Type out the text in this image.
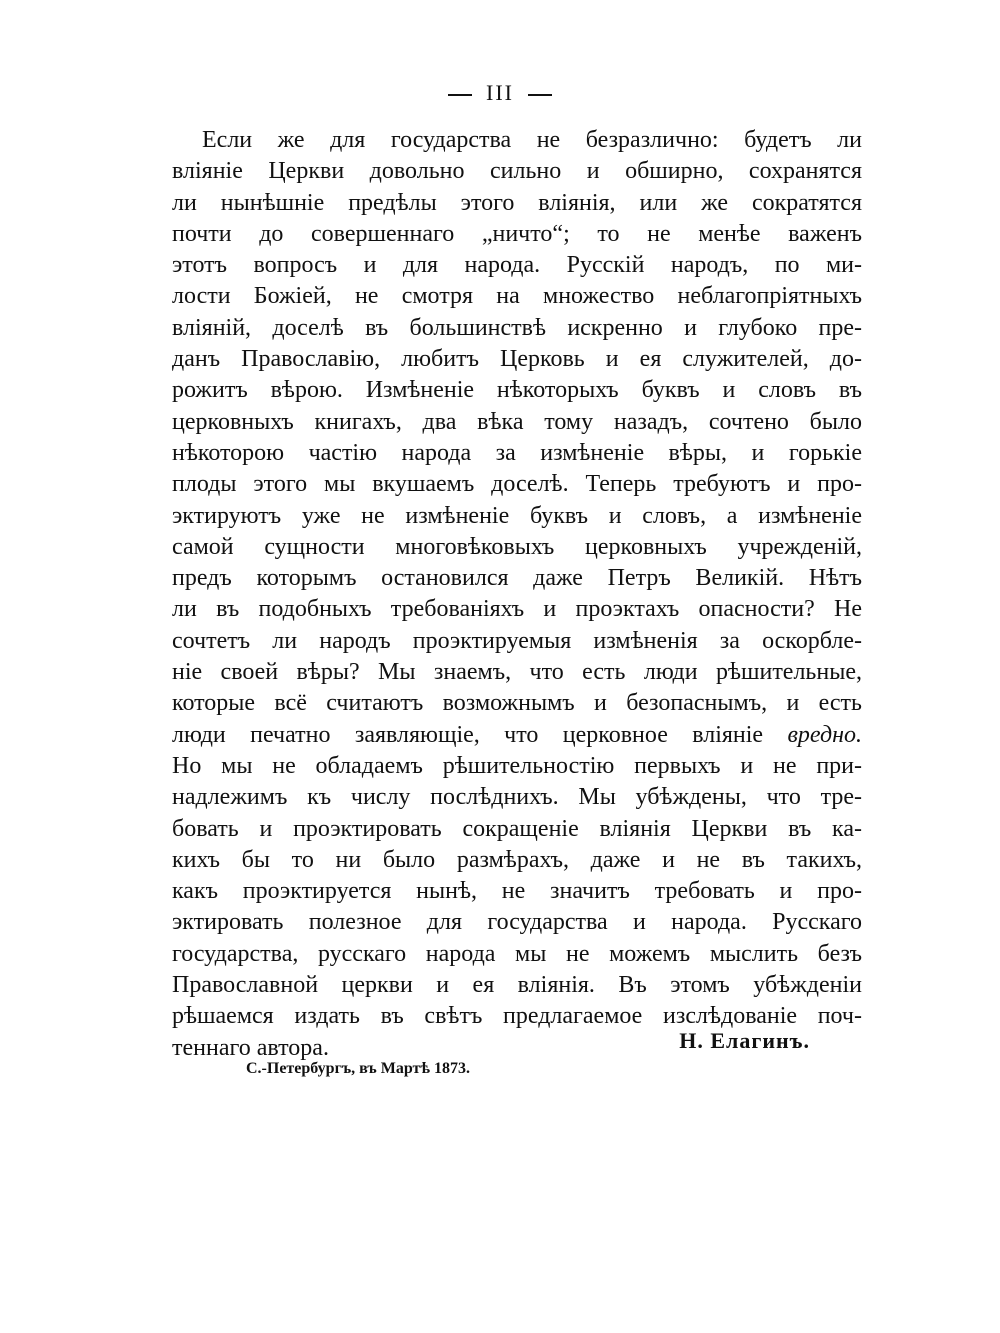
III
Если же для государства не безразлично: будетъ ли
вліяніе Церкви довольно сильно и обширно, сохранятся
ли нынѣшніе предѣлы этого вліянія, или же сократятся
почти до совершеннаго „ничто“; то не менѣе важенъ
этотъ вопросъ и для народа. Русскій народъ, по ми-
лости Божіей, не смотря на множество неблагопріятныхъ
вліяній, доселѣ въ большинствѣ искренно и глубоко пре-
данъ Православію, любитъ Церковь и ея служителей, до-
рожитъ вѣрою. Измѣненіе нѣкоторыхъ буквъ и словъ въ
церковныхъ книгахъ, два вѣка тому назадъ, сочтено было
нѣкоторою частію народа за измѣненіе вѣры, и горькіе
плоды этого мы вкушаемъ доселѣ. Теперь требуютъ и про-
эктируютъ уже не измѣненіе буквъ и словъ, а измѣненіе
самой сущности многовѣковыхъ церковныхъ учрежденій,
предъ которымъ остановился даже Петръ Великій. Нѣтъ
ли въ подобныхъ требованіяхъ и проэктахъ опасности? Не
сочтетъ ли народъ проэктируемыя измѣненія за оскорбле-
ніе своей вѣры? Мы знаемъ, что есть люди рѣшительные,
которые всё считаютъ возможнымъ и безопаснымъ, и есть
люди печатно заявляющіе, что церковное вліяніе вредно.
Но мы не обладаемъ рѣшительностію первыхъ и не при-
надлежимъ къ числу послѣднихъ. Мы убѣждены, что тре-
бовать и проэктировать сокращеніе вліянія Церкви въ ка-
кихъ бы то ни было размѣрахъ, даже и не въ такихъ,
какъ проэктируется нынѣ, не значитъ требовать и про-
эктировать полезное для государства и народа. Русскаго
государства, русскаго народа мы не можемъ мыслить безъ
Православной церкви и ея вліянія. Въ этомъ убѣжденіи
рѣшаемся издать въ свѣтъ предлагаемое изслѣдованіе поч-
теннаго автора.	Н. Елагинъ.
С.-Петербургъ, въ Мартѣ 1873.
